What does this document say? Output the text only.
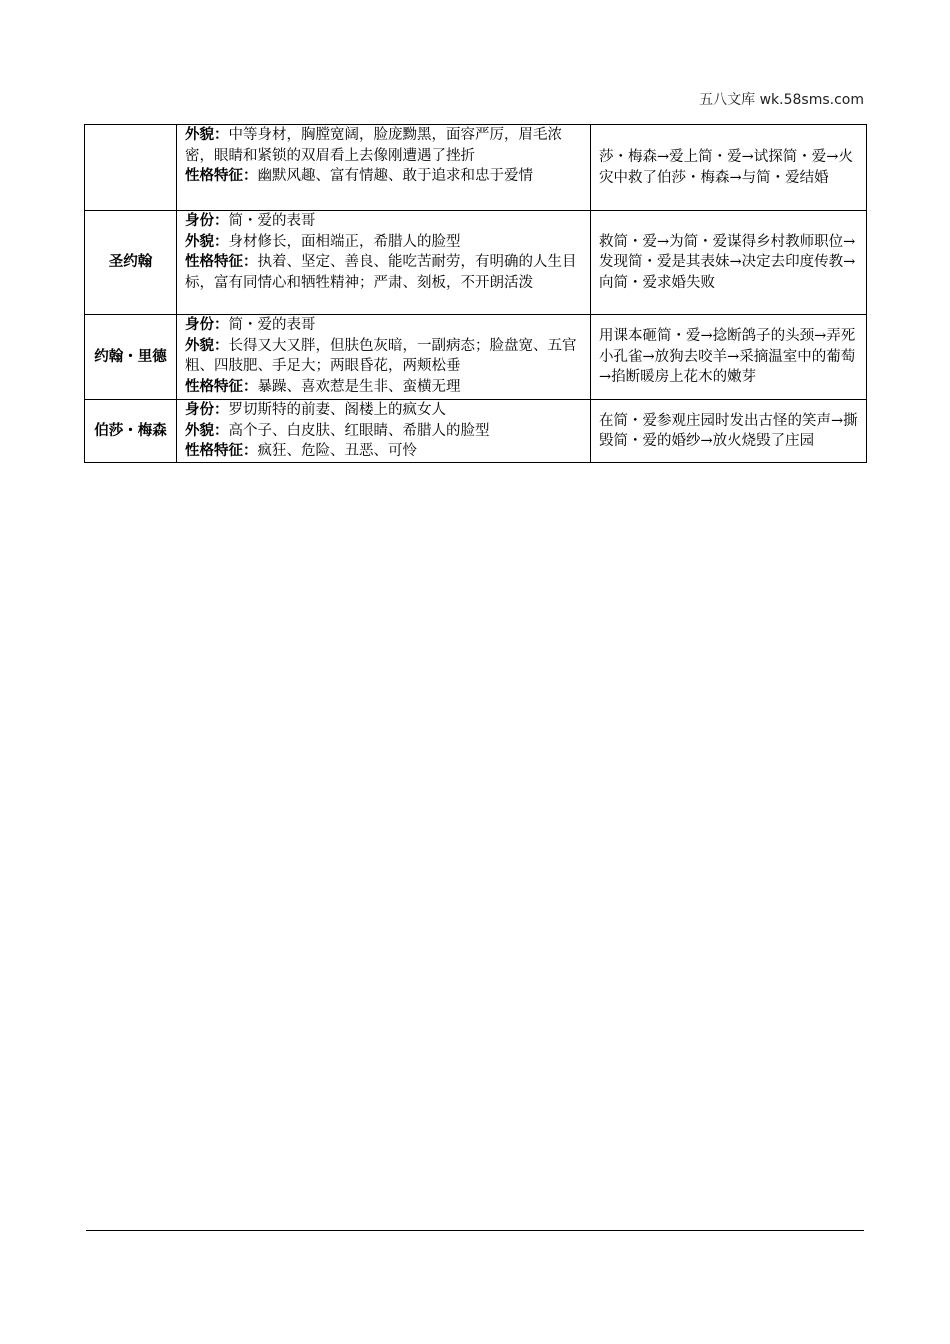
五八文库 wk.58sms.com

	外貌：中等身材，胸膛宽阔，脸庞黝黑，面容严厉，眉毛浓密，眼睛和紧锁的双眉看上去像刚遭遇了挫折
性格特征：幽默风趣、富有情趣、敢于追求和忠于爱情	莎・梅森→爱上简・爱→试探简・爱→火灾中救了伯莎・梅森→与简・爱结婚
圣约翰	身份：简・爱的表哥
外貌：身材修长，面相端正，希腊人的脸型
性格特征：执着、坚定、善良、能吃苦耐劳，有明确的人生目标，富有同情心和牺牲精神；严肃、刻板，不开朗活泼	救简・爱→为简・爱谋得乡村教师职位→发现简・爱是其表妹→决定去印度传教→向简・爱求婚失败
约翰・里德	身份：简・爱的表哥
外貌：长得又大又胖，但肤色灰暗，一副病态；脸盘宽、五官粗、四肢肥、手足大；两眼昏花，两颊松垂
性格特征：暴躁、喜欢惹是生非、蛮横无理	用课本砸简・爱→捻断鸽子的头颈→弄死小孔雀→放狗去咬羊→采摘温室中的葡萄→掐断暖房上花木的嫩芽
伯莎・梅森	身份：罗切斯特的前妻、阁楼上的疯女人
外貌：高个子、白皮肤、红眼睛、希腊人的脸型
性格特征：疯狂、危险、丑恶、可怜	在简・爱参观庄园时发出古怪的笑声→撕毁简・爱的婚纱→放火烧毁了庄园
